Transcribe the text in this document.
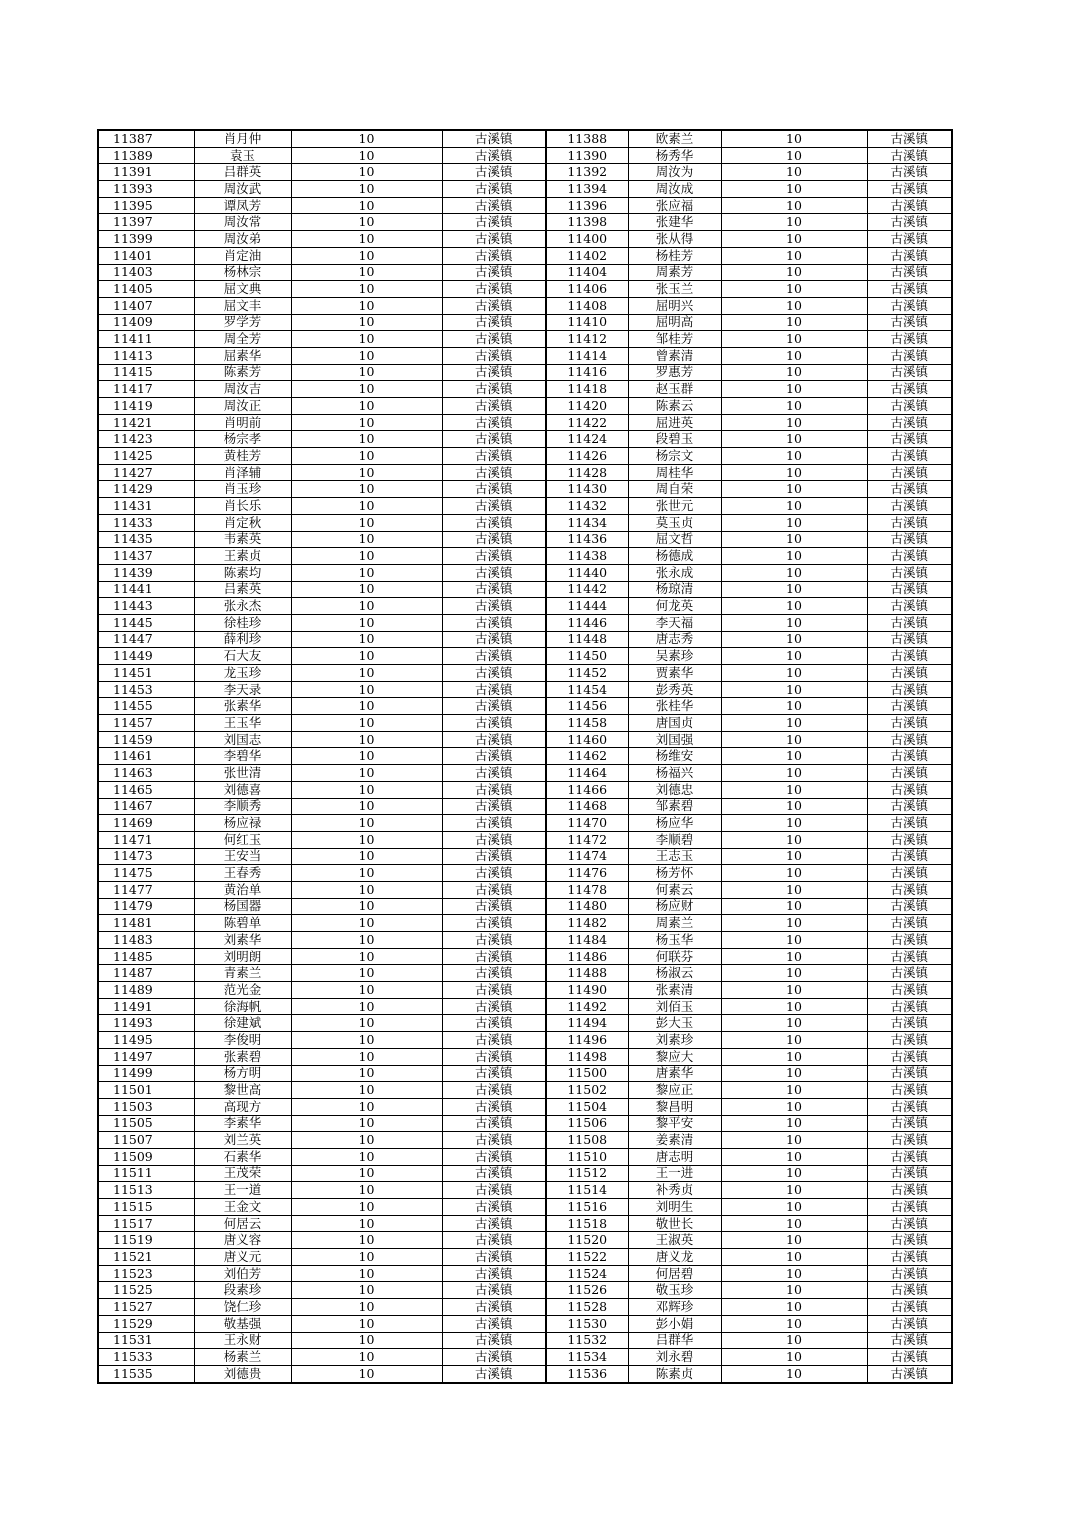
11387	肖月仲	10	古溪镇	11388	欧素兰	10	古溪镇
11389	袁玉	10	古溪镇	11390	杨秀华	10	古溪镇
11391	吕群英	10	古溪镇	11392	周汝为	10	古溪镇
11393	周汝武	10	古溪镇	11394	周汝成	10	古溪镇
11395	谭凤芳	10	古溪镇	11396	张应福	10	古溪镇
11397	周汝常	10	古溪镇	11398	张建华	10	古溪镇
11399	周汝弟	10	古溪镇	11400	张从得	10	古溪镇
11401	肖定油	10	古溪镇	11402	杨桂芳	10	古溪镇
11403	杨林宗	10	古溪镇	11404	周素芳	10	古溪镇
11405	屈文典	10	古溪镇	11406	张玉兰	10	古溪镇
11407	屈文丰	10	古溪镇	11408	屈明兴	10	古溪镇
11409	罗学芳	10	古溪镇	11410	屈明高	10	古溪镇
11411	周全芳	10	古溪镇	11412	邹桂芳	10	古溪镇
11413	屈素华	10	古溪镇	11414	曾素清	10	古溪镇
11415	陈素芳	10	古溪镇	11416	罗惠芳	10	古溪镇
11417	周汝吉	10	古溪镇	11418	赵玉群	10	古溪镇
11419	周汝正	10	古溪镇	11420	陈素云	10	古溪镇
11421	肖明前	10	古溪镇	11422	屈进英	10	古溪镇
11423	杨宗孝	10	古溪镇	11424	段碧玉	10	古溪镇
11425	黄桂芳	10	古溪镇	11426	杨宗文	10	古溪镇
11427	肖泽辅	10	古溪镇	11428	周桂华	10	古溪镇
11429	肖玉珍	10	古溪镇	11430	周自荣	10	古溪镇
11431	肖长乐	10	古溪镇	11432	张世元	10	古溪镇
11433	肖定秋	10	古溪镇	11434	莫玉贞	10	古溪镇
11435	韦素英	10	古溪镇	11436	屈文哲	10	古溪镇
11437	王素贞	10	古溪镇	11438	杨德成	10	古溪镇
11439	陈素均	10	古溪镇	11440	张永成	10	古溪镇
11441	吕素英	10	古溪镇	11442	杨琼清	10	古溪镇
11443	张永杰	10	古溪镇	11444	何龙英	10	古溪镇
11445	徐桂珍	10	古溪镇	11446	李天福	10	古溪镇
11447	薛利珍	10	古溪镇	11448	唐志秀	10	古溪镇
11449	石大友	10	古溪镇	11450	吴素珍	10	古溪镇
11451	龙玉珍	10	古溪镇	11452	贾素华	10	古溪镇
11453	李天录	10	古溪镇	11454	彭秀英	10	古溪镇
11455	张素华	10	古溪镇	11456	张桂华	10	古溪镇
11457	王玉华	10	古溪镇	11458	唐国贞	10	古溪镇
11459	刘国志	10	古溪镇	11460	刘国强	10	古溪镇
11461	李碧华	10	古溪镇	11462	杨维安	10	古溪镇
11463	张世清	10	古溪镇	11464	杨福兴	10	古溪镇
11465	刘德喜	10	古溪镇	11466	刘德忠	10	古溪镇
11467	李顺秀	10	古溪镇	11468	邹素碧	10	古溪镇
11469	杨应禄	10	古溪镇	11470	杨应华	10	古溪镇
11471	何红玉	10	古溪镇	11472	李顺碧	10	古溪镇
11473	王安当	10	古溪镇	11474	王志玉	10	古溪镇
11475	王春秀	10	古溪镇	11476	杨芳怀	10	古溪镇
11477	黄治单	10	古溪镇	11478	何素云	10	古溪镇
11479	杨国器	10	古溪镇	11480	杨应财	10	古溪镇
11481	陈碧单	10	古溪镇	11482	周素兰	10	古溪镇
11483	刘素华	10	古溪镇	11484	杨玉华	10	古溪镇
11485	刘明朗	10	古溪镇	11486	何联芬	10	古溪镇
11487	青素兰	10	古溪镇	11488	杨淑云	10	古溪镇
11489	范光金	10	古溪镇	11490	张素清	10	古溪镇
11491	徐海帆	10	古溪镇	11492	刘佰玉	10	古溪镇
11493	徐建斌	10	古溪镇	11494	彭大玉	10	古溪镇
11495	李俊明	10	古溪镇	11496	刘素珍	10	古溪镇
11497	张素碧	10	古溪镇	11498	黎应大	10	古溪镇
11499	杨方明	10	古溪镇	11500	唐素华	10	古溪镇
11501	黎世高	10	古溪镇	11502	黎应正	10	古溪镇
11503	高现方	10	古溪镇	11504	黎昌明	10	古溪镇
11505	李素华	10	古溪镇	11506	黎平安	10	古溪镇
11507	刘兰英	10	古溪镇	11508	姜素清	10	古溪镇
11509	石素华	10	古溪镇	11510	唐志明	10	古溪镇
11511	王茂荣	10	古溪镇	11512	王一进	10	古溪镇
11513	王一道	10	古溪镇	11514	补秀贞	10	古溪镇
11515	王金文	10	古溪镇	11516	刘明生	10	古溪镇
11517	何居云	10	古溪镇	11518	敬世长	10	古溪镇
11519	唐义容	10	古溪镇	11520	王淑英	10	古溪镇
11521	唐义元	10	古溪镇	11522	唐义龙	10	古溪镇
11523	刘伯芳	10	古溪镇	11524	何居碧	10	古溪镇
11525	段素珍	10	古溪镇	11526	敬玉珍	10	古溪镇
11527	饶仁珍	10	古溪镇	11528	邓辉珍	10	古溪镇
11529	敬基强	10	古溪镇	11530	彭小娟	10	古溪镇
11531	王永财	10	古溪镇	11532	吕群华	10	古溪镇
11533	杨素兰	10	古溪镇	11534	刘永碧	10	古溪镇
11535	刘德贵	10	古溪镇	11536	陈素贞	10	古溪镇
